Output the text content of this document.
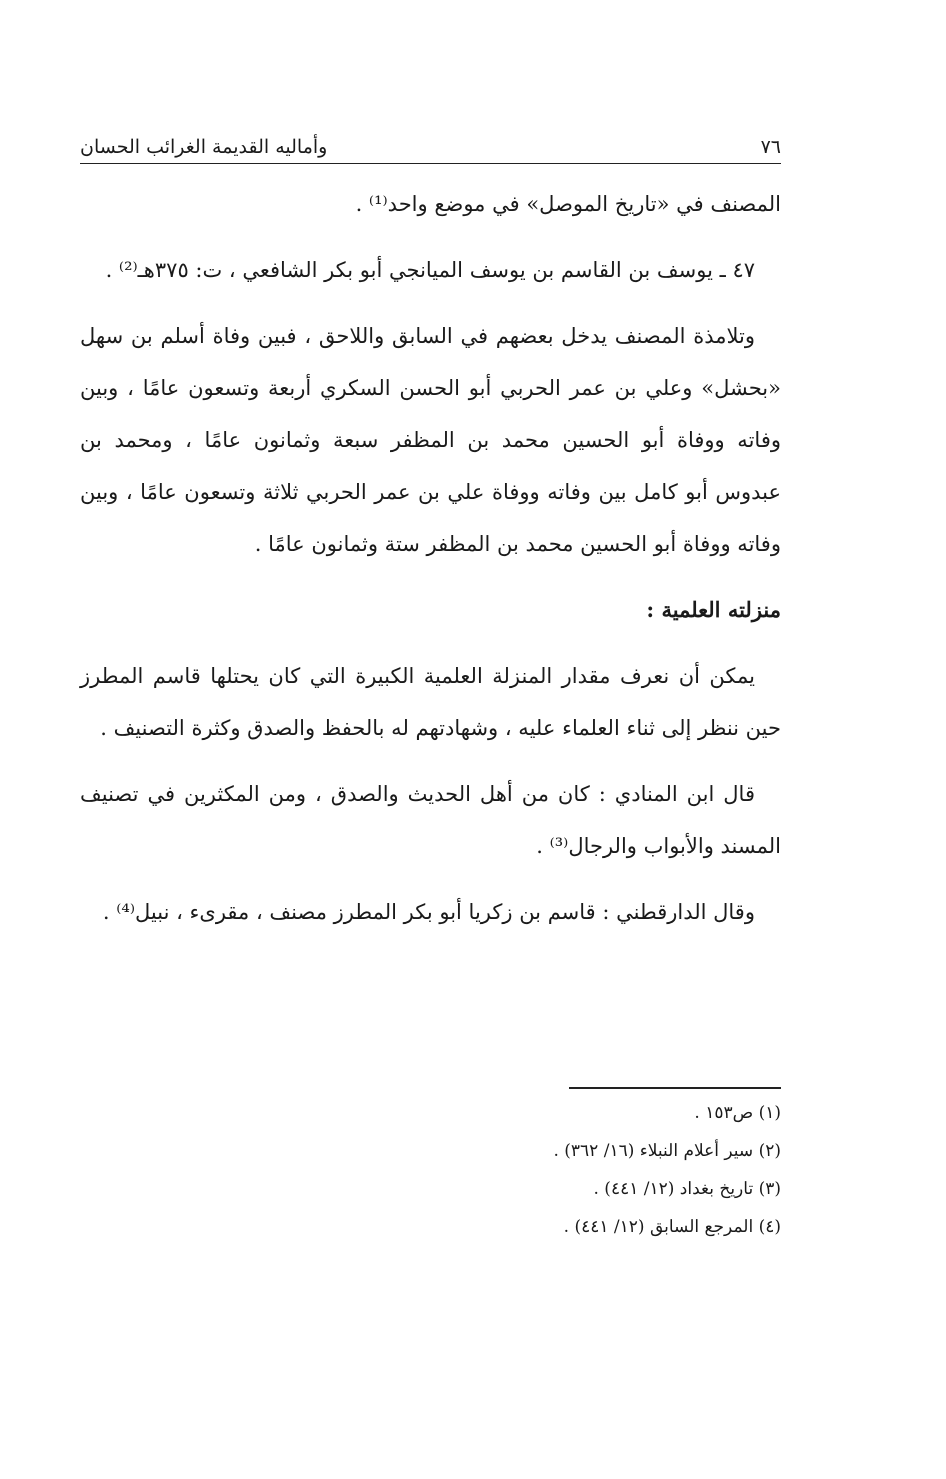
٧٦
وأماليه القديمة الغرائب الحسان

المصنف في «تاريخ الموصل» في موضع واحد⁽¹⁾ .

٤٧ ـ يوسف بن القاسم بن يوسف الميانجي أبو بكر الشافعي ، ت: ٣٧٥هـ⁽²⁾ .

وتلامذة المصنف يدخل بعضهم في السابق واللاحق ، فبين وفاة أسلم بن سهل «بحشل» وعلي بن عمر الحربي أبو الحسن السكري أربعة وتسعون عامًا ، وبين وفاته ووفاة أبو الحسين محمد بن المظفر سبعة وثمانون عامًا ، ومحمد بن عبدوس أبو كامل بين وفاته ووفاة علي بن عمر الحربي ثلاثة وتسعون عامًا ، وبين وفاته ووفاة أبو الحسين محمد بن المظفر ستة وثمانون عامًا .

منزلته العلمية :

يمكن أن نعرف مقدار المنزلة العلمية الكبيرة التي كان يحتلها قاسم المطرز حين ننظر إلى ثناء العلماء عليه ، وشهادتهم له بالحفظ والصدق وكثرة التصنيف .

قال ابن المنادي : كان من أهل الحديث والصدق ، ومن المكثرين في تصنيف المسند والأبواب والرجال⁽³⁾ .

وقال الدارقطني : قاسم بن زكريا أبو بكر المطرز مصنف ، مقرىء ، نبيل⁽⁴⁾ .

(١) ص١٥٣ .
(٢) سير أعلام النبلاء (١٦/ ٣٦٢) .
(٣) تاريخ بغداد (١٢/ ٤٤١) .
(٤) المرجع السابق (١٢/ ٤٤١) .
